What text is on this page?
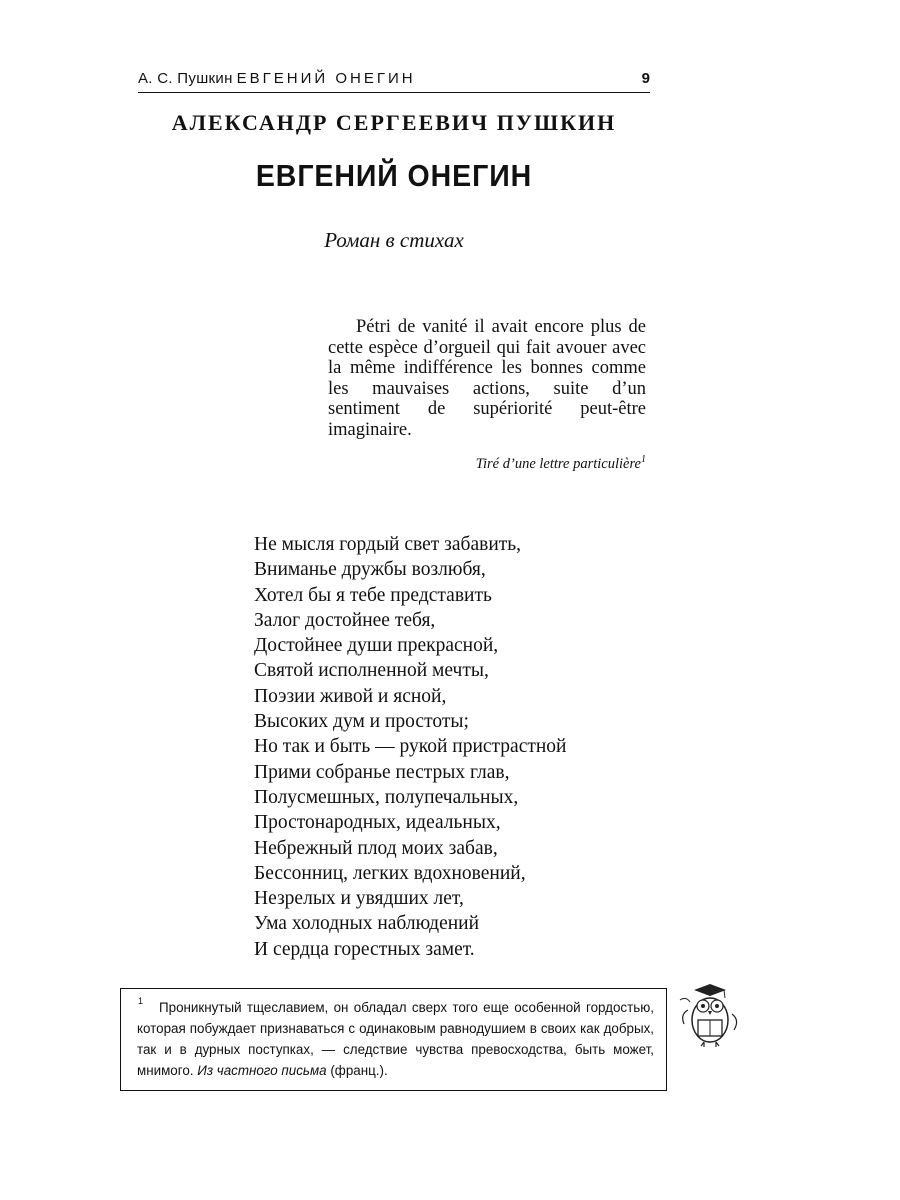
А. С. Пушкин ЕВГЕНИЙ ОНЕГИН	9
АЛЕКСАНДР СЕРГЕЕВИЧ ПУШКИН
ЕВГЕНИЙ ОНЕГИН
Роман в стихах

Pétri de vanité il avait encore plus de cette espèce d’orgueil qui fait avouer avec la même indifférence les bonnes comme les mauvaises actions, suite d’un sentiment de supériorité peut-être imaginaire.

Tiré d’une lettre particulière$^1$
Не мысля гордый свет забавить,
Вниманье дружбы возлюбя,
Хотел бы я тебе представить
Залог достойнее тебя,
Достойнее души прекрасной,
Святой исполненной мечты,
Поэзии живой и ясной,
Высоких дум и простоты;
Но так и быть — рукой пристрастной
Прими собранье пестрых глав,
Полусмешных, полупечальных,
Простонародных, идеальных,
Небрежный плод моих забав,
Бессонниц, легких вдохновений,
Незрелых и увядших лет,
Ума холодных наблюдений
И сердца горестных замет.
1	Проникнутый тщеславием, он обладал сверх того еще особенной гордостью, которая побуждает признаваться с одинаковым равнодушием в своих как добрых, так и в дурных поступках, — следствие чувства превосходства, быть может, мнимого. Из частного письма (франц.).
